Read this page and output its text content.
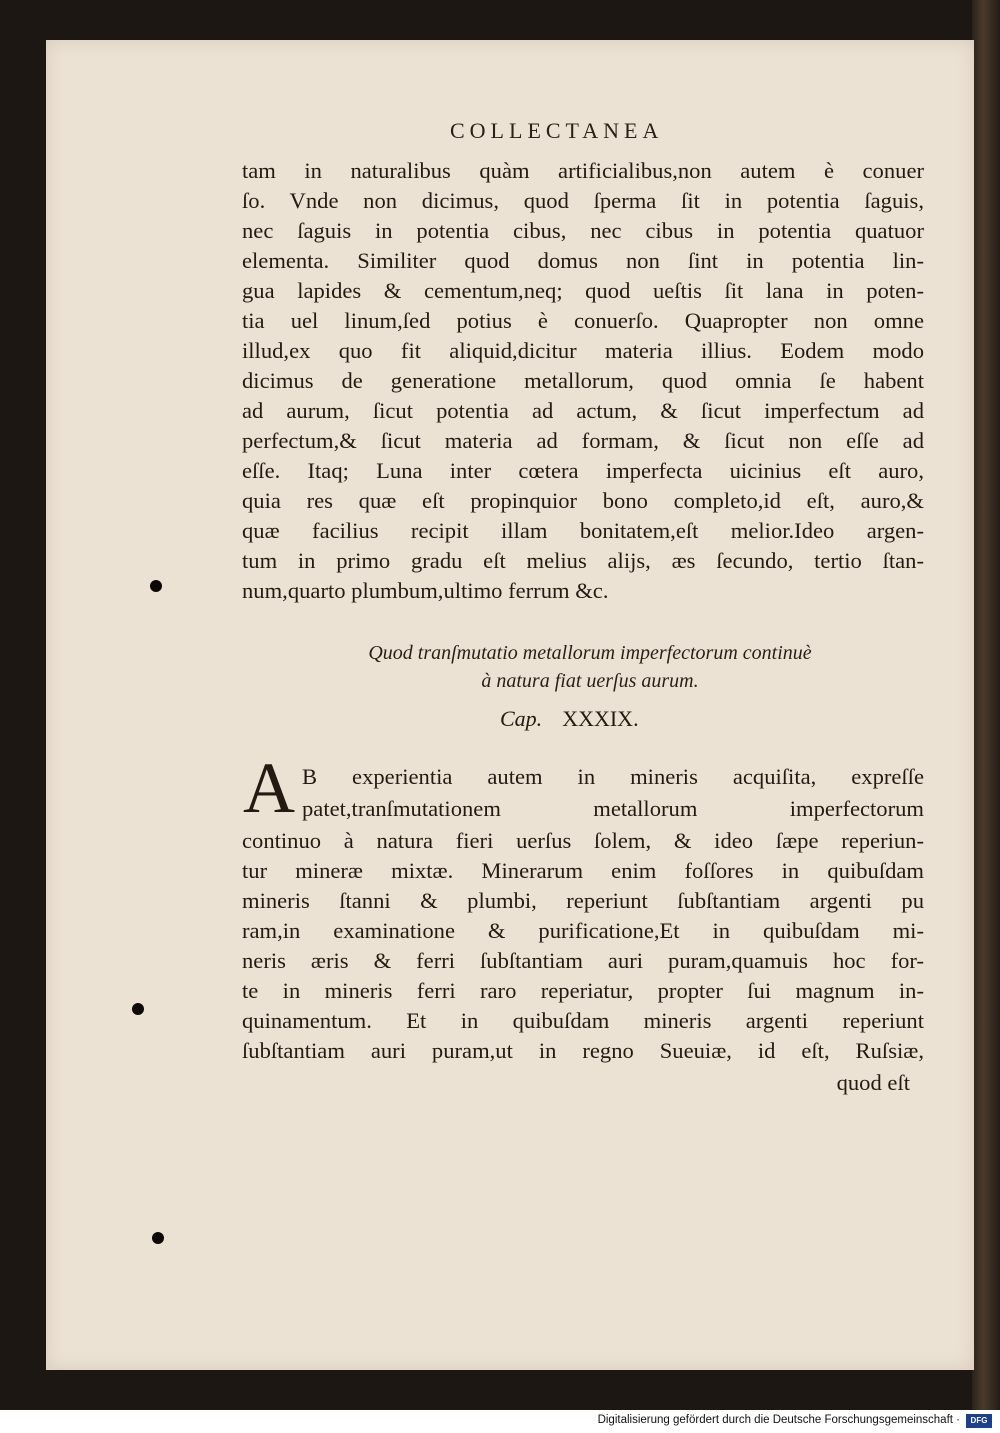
COLLECTANEA
tam in naturalibus quàm artificialibus,non autem è conuer
ſo. Vnde non dicimus, quod ſperma ſit in potentia ſaguis,
nec ſaguis in potentia cibus, nec cibus in potentia quatuor
elementa. Similiter quod domus non ſint in potentia lin-
gua lapides & cementum,neq; quod ueſtis ſit lana in poten-
tia uel linum,ſed potius è conuerſo. Quapropter non omne
illud,ex quo fit aliquid,dicitur materia illius. Eodem modo
dicimus de generatione metallorum, quod omnia ſe habent
ad aurum, ſicut potentia ad actum, & ſicut imperfectum ad
perfectum,& ſicut materia ad formam, & ſicut non eſſe ad
eſſe. Itaq; Luna inter cœtera imperfecta uicinius eſt auro,
quia res quæ eſt propinquior bono completo,id eſt, auro,&
quæ facilius recipit illam bonitatem,eſt melior.Ideo argen-
tum in primo gradu eſt melius alijs, æs ſecundo, tertio ſtan-
num,quarto plumbum,ultimo ferrum &c.
Quod tranſmutatio metallorum imperfectorum continuè
à natura fiat uerſus aurum.
Cap. XXXIX.
A B experientia autem in mineris acquiſita, expreſſe
patet,tranſmutationem metallorum imperfectorum
continuo à natura fieri uerſus ſolem, & ideo ſæpe reperiun-
tur mineræ mixtæ. Minerarum enim foſſores in quibuſdam
mineris ſtanni & plumbi, reperiunt ſubſtantiam argenti pu
ram,in examinatione & purificatione,Et in quibuſdam mi-
neris æris & ferri ſubſtantiam auri puram,quamuis hoc for-
te in mineris ferri raro reperiatur, propter ſui magnum in-
quinamentum. Et in quibuſdam mineris argenti reperiunt
ſubſtantiam auri puram,ut in regno Sueuiæ, id eſt, Ruſsiæ,
quod eſt
Digitalisierung gefördert durch die Deutsche Forschungsgemeinschaft ·	DFG
